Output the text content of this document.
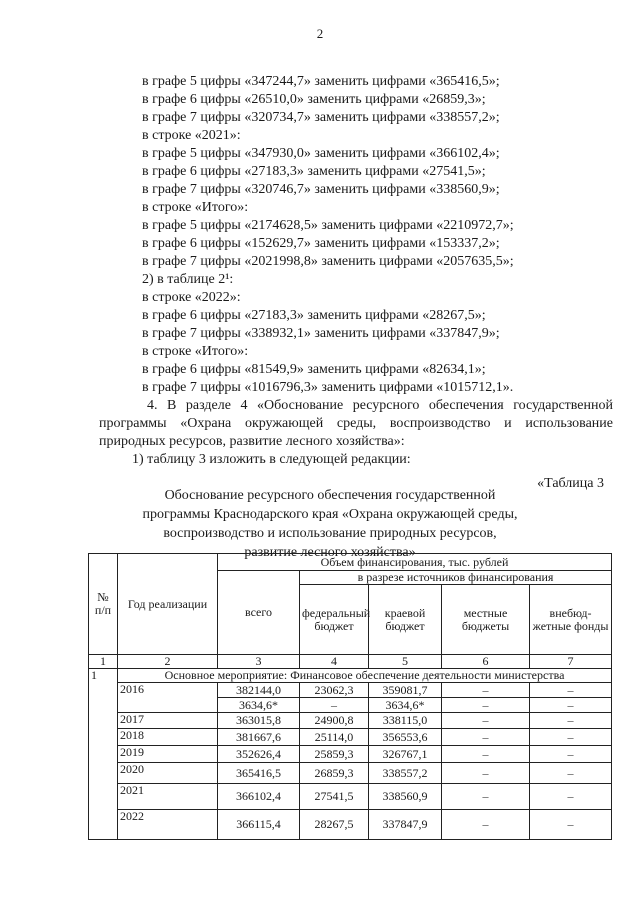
2
в графе 5 цифры «347244,7» заменить цифрами «365416,5»;
в графе 6 цифры «26510,0» заменить цифрами «26859,3»;
в графе 7 цифры «320734,7» заменить цифрами «338557,2»;
в строке «2021»:
в графе 5 цифры «347930,0» заменить цифрами «366102,4»;
в графе 6 цифры «27183,3» заменить цифрами «27541,5»;
в графе 7 цифры «320746,7» заменить цифрами «338560,9»;
в строке «Итого»:
в графе 5 цифры «2174628,5» заменить цифрами «2210972,7»;
в графе 6 цифры «152629,7» заменить цифрами «153337,2»;
в графе 7 цифры «2021998,8» заменить цифрами «2057635,5»;
2) в таблице 2¹:
в строке «2022»:
в графе 6 цифры «27183,3» заменить цифрами «28267,5»;
в графе 7 цифры «338932,1» заменить цифрами «337847,9»;
в строке «Итого»:
в графе 6 цифры «81549,9» заменить цифрами «82634,1»;
в графе 7 цифры «1016796,3» заменить цифрами «1015712,1».
4. В разделе 4 «Обоснование ресурсного обеспечения государственной
программы «Охрана окружающей среды, воспроизводство и использование
природных ресурсов, развитие лесного хозяйства»:
1) таблицу 3 изложить в следующей редакции:
«Таблица 3
Обоснование ресурсного обеспечения государственной
программы Краснодарского края «Охрана окружающей среды,
воспроизводство и использование природных ресурсов,
развитие лесного хозяйства»
№ п/п	Год реализации	Объем финансирования, тыс. рублей				
		всего	в разрезе источников финансирования			
			федеральный бюджет	краевой бюджет	местные бюджеты	внебюд-жетные фонды
1	2	3	4	5	6	7
1	Основное мероприятие: Финансовое обеспечение деятельности министерства					
	2016	382144,0	23062,3	359081,7	–	–
		3634,6*	–	3634,6*	–	–
	2017	363015,8	24900,8	338115,0	–	–
	2018	381667,6	25114,0	356553,6	–	–
	2019	352626,4	25859,3	326767,1	–	–
	2020	365416,5	26859,3	338557,2	–	–
	2021	366102,4	27541,5	338560,9	–	–
	2022	366115,4	28267,5	337847,9	–	–
